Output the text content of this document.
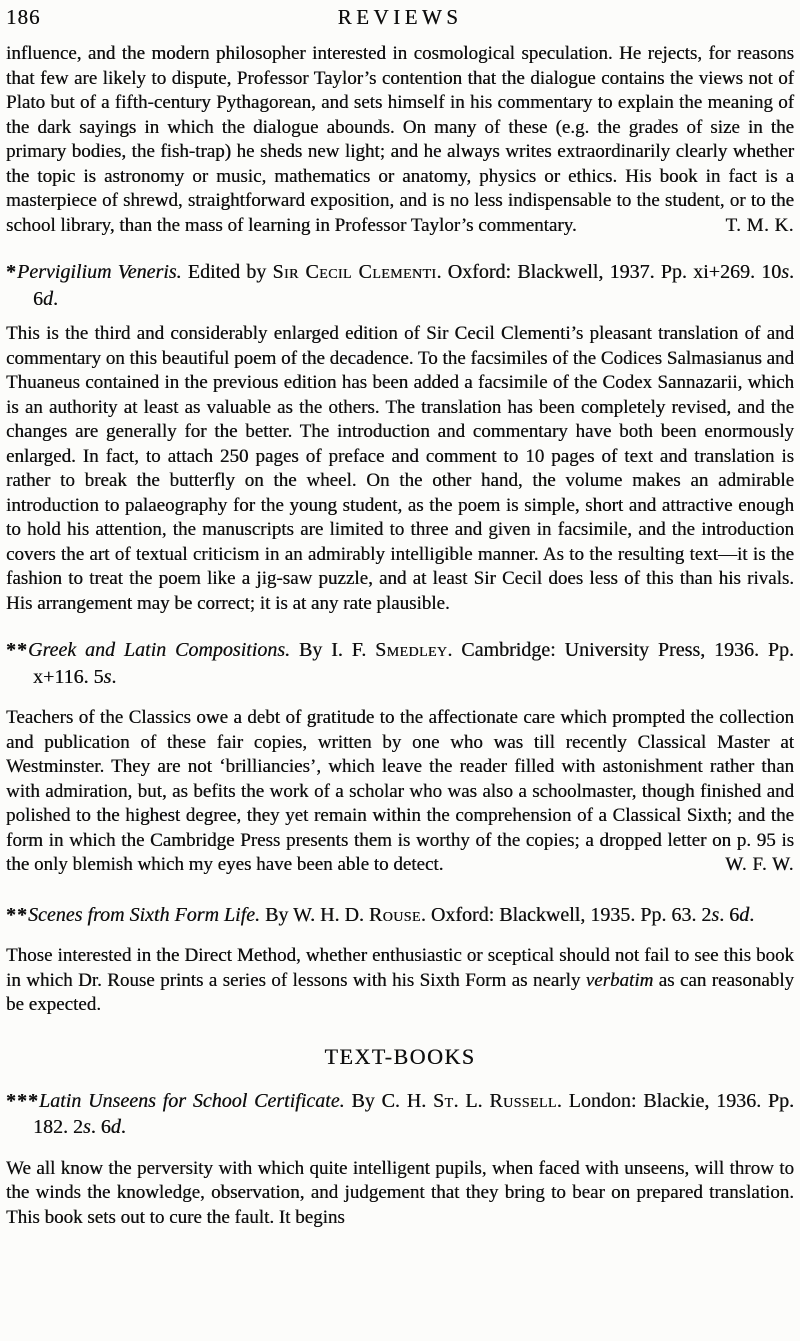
186	REVIEWS

influence, and the modern philosopher interested in cosmological speculation. He rejects, for reasons that few are likely to dispute, Professor Taylor’s contention that the dialogue contains the views not of Plato but of a fifth-century Pythagorean, and sets himself in his commentary to explain the meaning of the dark sayings in which the dialogue abounds. On many of these (e.g. the grades of size in the primary bodies, the fish-trap) he sheds new light; and he always writes extraordinarily clearly whether the topic is astronomy or music, mathematics or anatomy, physics or ethics. His book in fact is a masterpiece of shrewd, straightforward exposition, and is no less indispensable to the student, or to the school library, than the mass of learning in Professor Taylor’s commentary.	T. M. K.

*Pervigilium Veneris. Edited by Sir Cecil Clementi. Oxford: Blackwell, 1937. Pp. xi+269. 10s. 6d.

This is the third and considerably enlarged edition of Sir Cecil Clementi’s pleasant translation of and commentary on this beautiful poem of the decadence. To the facsimiles of the Codices Salmasianus and Thuaneus contained in the previous edition has been added a facsimile of the Codex Sannazarii, which is an authority at least as valuable as the others. The translation has been completely revised, and the changes are generally for the better. The introduction and commentary have both been enormously enlarged. In fact, to attach 250 pages of preface and comment to 10 pages of text and translation is rather to break the butterfly on the wheel. On the other hand, the volume makes an admirable introduction to palaeography for the young student, as the poem is simple, short and attractive enough to hold his attention, the manuscripts are limited to three and given in facsimile, and the introduction covers the art of textual criticism in an admirably intelligible manner. As to the resulting text—it is the fashion to treat the poem like a jig-saw puzzle, and at least Sir Cecil does less of this than his rivals. His arrangement may be correct; it is at any rate plausible.

**Greek and Latin Compositions. By I. F. Smedley. Cambridge: University Press, 1936. Pp. x+116. 5s.

Teachers of the Classics owe a debt of gratitude to the affectionate care which prompted the collection and publication of these fair copies, written by one who was till recently Classical Master at Westminster. They are not ‘brilliancies’, which leave the reader filled with astonishment rather than with admiration, but, as befits the work of a scholar who was also a schoolmaster, though finished and polished to the highest degree, they yet remain within the comprehension of a Classical Sixth; and the form in which the Cambridge Press presents them is worthy of the copies; a dropped letter on p. 95 is the only blemish which my eyes have been able to detect.	W. F. W.

**Scenes from Sixth Form Life. By W. H. D. Rouse. Oxford: Blackwell, 1935. Pp. 63. 2s. 6d.

Those interested in the Direct Method, whether enthusiastic or sceptical should not fail to see this book in which Dr. Rouse prints a series of lessons with his Sixth Form as nearly verbatim as can reasonably be expected.

TEXT-BOOKS

***Latin Unseens for School Certificate. By C. H. St. L. Russell. London: Blackie, 1936. Pp. 182. 2s. 6d.

We all know the perversity with which quite intelligent pupils, when faced with unseens, will throw to the winds the knowledge, observation, and judgement that they bring to bear on prepared translation. This book sets out to cure the fault. It begins
